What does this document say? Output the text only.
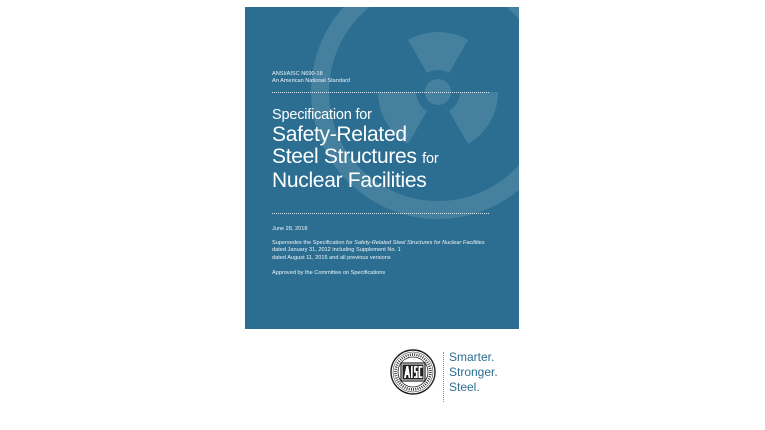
ANSI/AISC N690-18
An American National Standard
Specification for
Safety-Related
Steel Structures for
Nuclear Facilities
June 28, 2018
Supersedes the Specification for Safety-Related Steel Structures for Nuclear Facilities
dated January 31, 2012 including Supplement No. 1
dated August 11, 2015 and all previous versions
Approved by the Committee on Specifications
Smarter.
Stronger.
Steel.
